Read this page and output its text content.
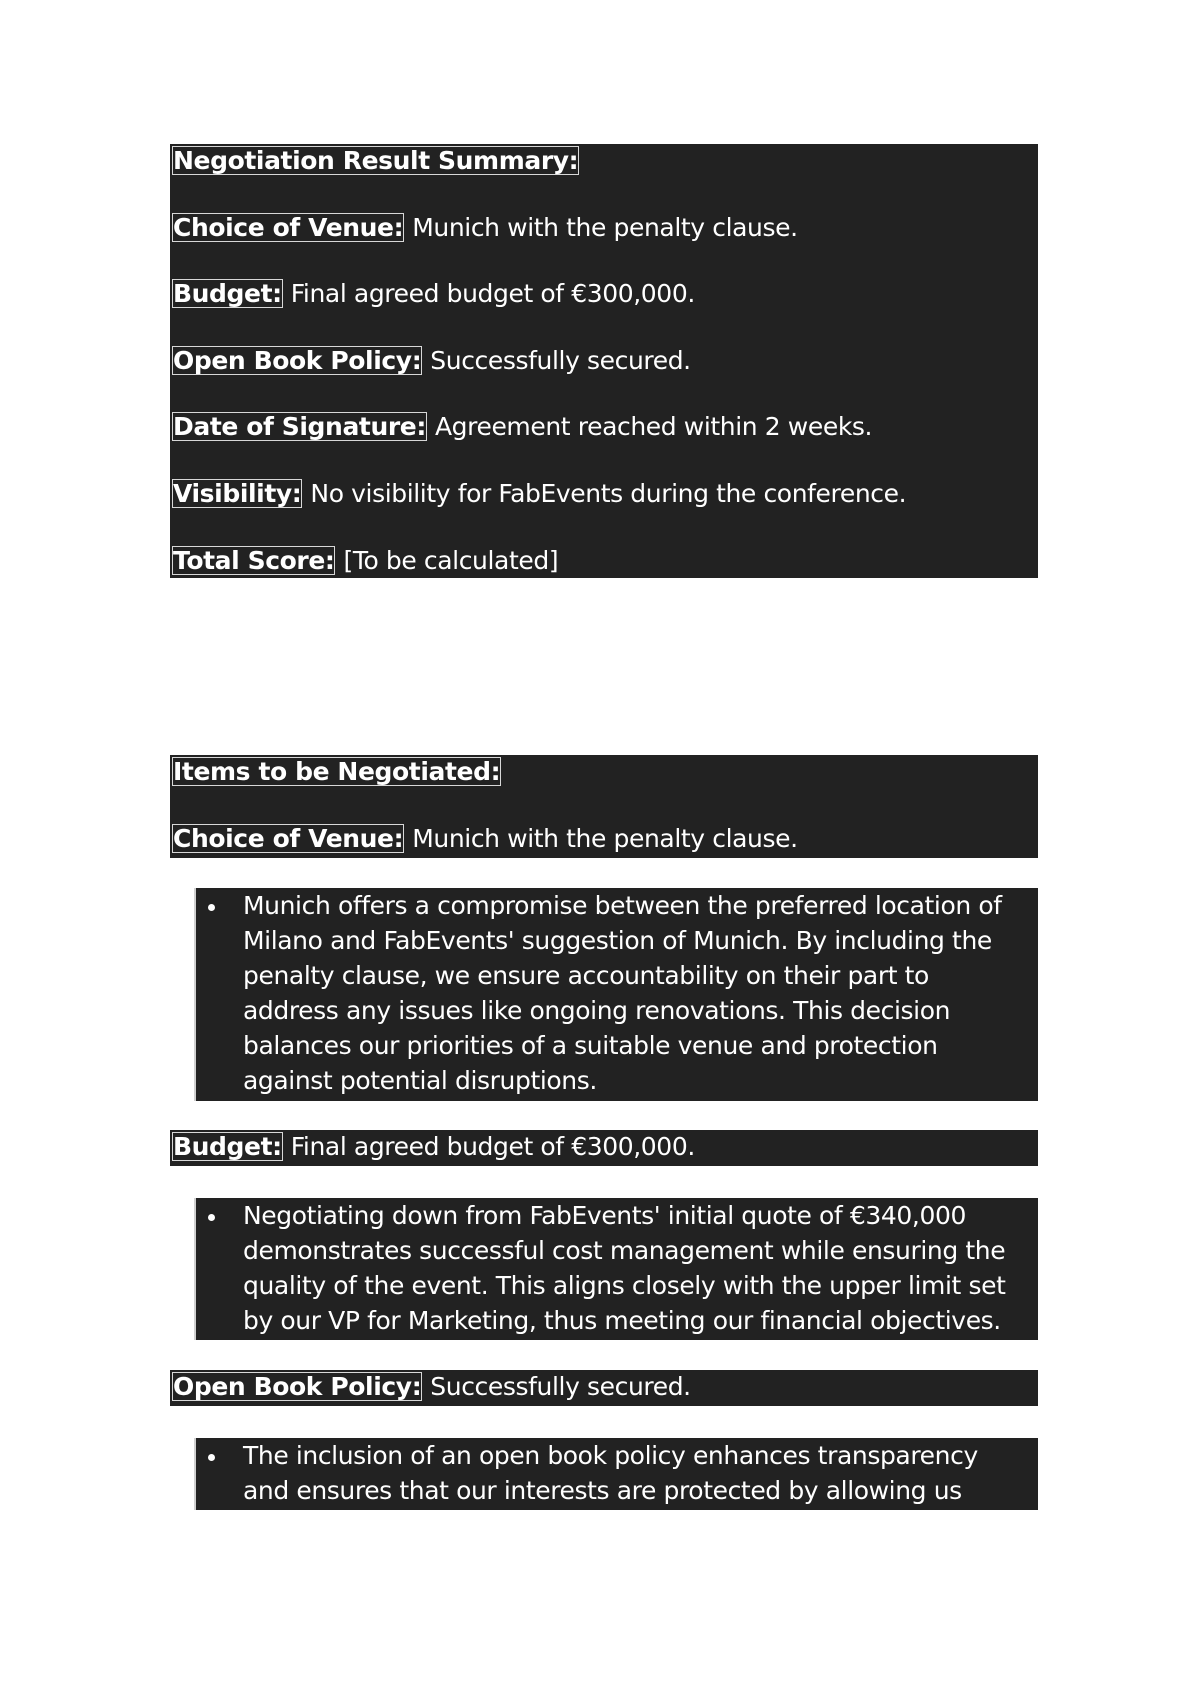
Negotiation Result Summary:
Choice of Venue: Munich with the penalty clause.
Budget: Final agreed budget of €300,000.
Open Book Policy: Successfully secured.
Date of Signature: Agreement reached within 2 weeks.
Visibility: No visibility for FabEvents during the conference.
Total Score: [To be calculated]
Items to be Negotiated:
Choice of Venue: Munich with the penalty clause.
Munich offers a compromise between the preferred location of Milano and FabEvents' suggestion of Munich. By including the penalty clause, we ensure accountability on their part to address any issues like ongoing renovations. This decision balances our priorities of a suitable venue and protection against potential disruptions.
Budget: Final agreed budget of €300,000.
Negotiating down from FabEvents' initial quote of €340,000 demonstrates successful cost management while ensuring the quality of the event. This aligns closely with the upper limit set by our VP for Marketing, thus meeting our financial objectives.
Open Book Policy: Successfully secured.
The inclusion of an open book policy enhances transparency and ensures that our interests are protected by allowing us access to
